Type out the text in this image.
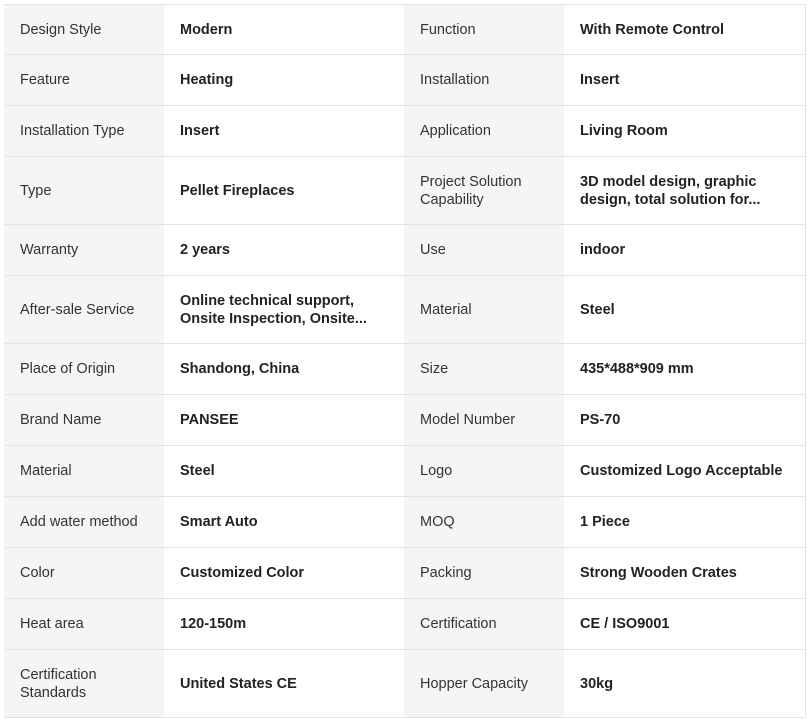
Design Style	Modern	Function	With Remote Control

Feature	Heating	Installation	Insert

Installation Type	Insert	Application	Living Room

Type	Pellet Fireplaces	Project Solution Capability	3D model design, graphic design, total solution for...

Warranty	2 years	Use	indoor

After-sale Service	Online technical support, Onsite Inspection, Onsite...	Material	Steel

Place of Origin	Shandong, China	Size	435*488*909 mm

Brand Name	PANSEE	Model Number	PS-70

Material	Steel	Logo	Customized Logo Acceptable

Add water method	Smart Auto	MOQ	1 Piece

Color	Customized Color	Packing	Strong Wooden Crates

Heat area	120-150m	Certification	CE / ISO9001

Certification Standards	United States CE	Hopper Capacity	30kg
